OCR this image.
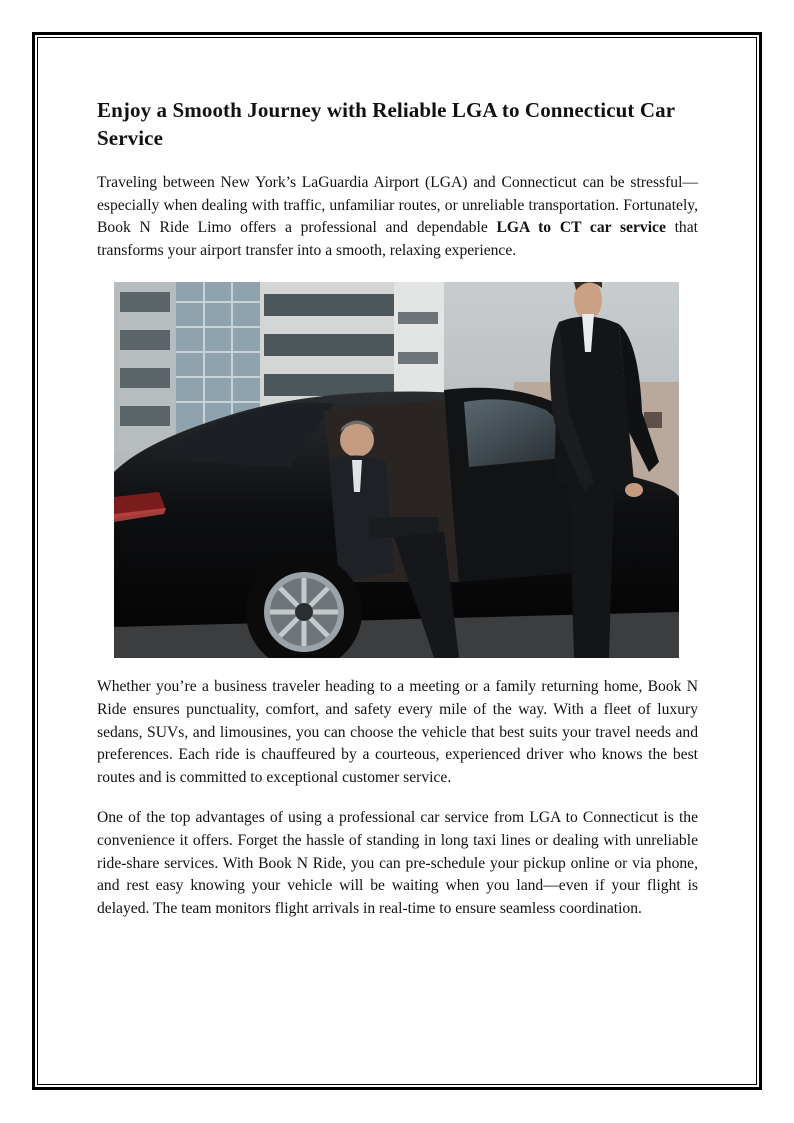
Enjoy a Smooth Journey with Reliable LGA to Connecticut Car Service

Traveling between New York’s LaGuardia Airport (LGA) and Connecticut can be stressful—especially when dealing with traffic, unfamiliar routes, or unreliable transportation. Fortunately, Book N Ride Limo offers a professional and dependable LGA to CT car service that transforms your airport transfer into a smooth, relaxing experience.

Whether you’re a business traveler heading to a meeting or a family returning home, Book N Ride ensures punctuality, comfort, and safety every mile of the way. With a fleet of luxury sedans, SUVs, and limousines, you can choose the vehicle that best suits your travel needs and preferences. Each ride is chauffeured by a courteous, experienced driver who knows the best routes and is committed to exceptional customer service.

One of the top advantages of using a professional car service from LGA to Connecticut is the convenience it offers. Forget the hassle of standing in long taxi lines or dealing with unreliable ride-share services. With Book N Ride, you can pre-schedule your pickup online or via phone, and rest easy knowing your vehicle will be waiting when you land—even if your flight is delayed. The team monitors flight arrivals in real-time to ensure seamless coordination.
